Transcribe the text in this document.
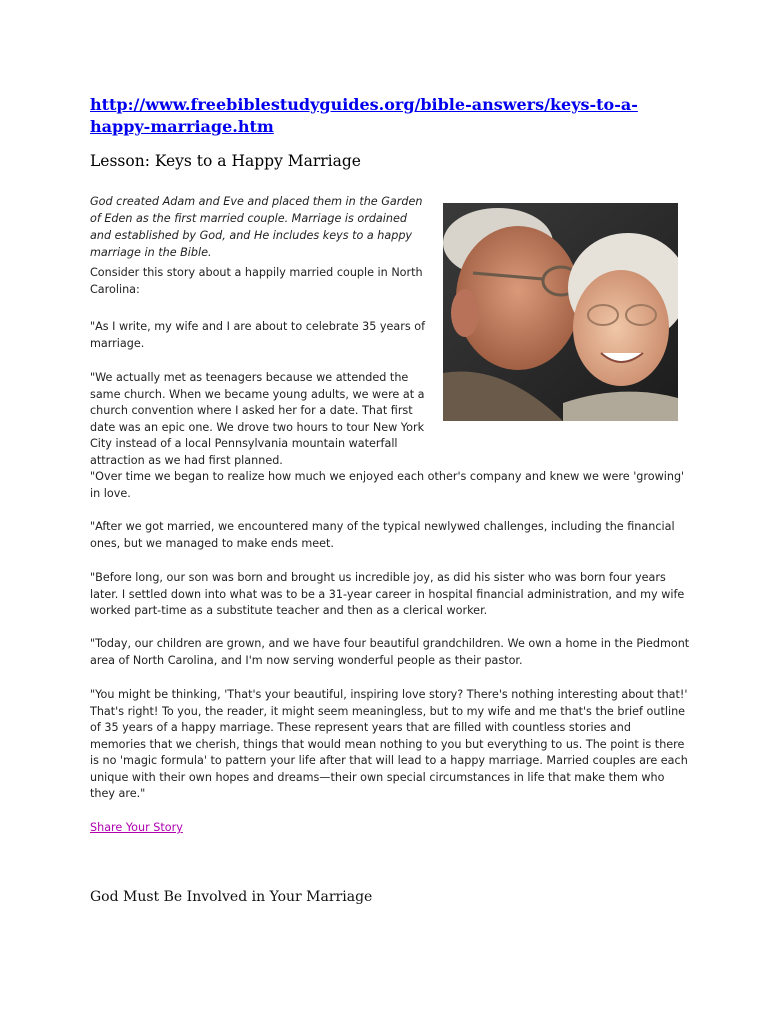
http://www.freebiblestudyguides.org/bible-answers/keys-to-a-happy-marriage.htm
Lesson: Keys to a Happy Marriage

God created Adam and Eve and placed them in the Garden of Eden as the first married couple. Marriage is ordained and established by God, and He includes keys to a happy marriage in the Bible.

Consider this story about a happily married couple in North Carolina:

"As I write, my wife and I are about to celebrate 35 years of marriage.

"We actually met as teenagers because we attended the same church. When we became young adults, we were at a church convention where I asked her for a date. That first date was an epic one. We drove two hours to tour New York City instead of a local Pennsylvania mountain waterfall attraction as we had first planned.

"Over time we began to realize how much we enjoyed each other's company and knew we were 'growing' in love.

"After we got married, we encountered many of the typical newlywed challenges, including the financial ones, but we managed to make ends meet.

"Before long, our son was born and brought us incredible joy, as did his sister who was born four years later. I settled down into what was to be a 31-year career in hospital financial administration, and my wife worked part-time as a substitute teacher and then as a clerical worker.

"Today, our children are grown, and we have four beautiful grandchildren. We own a home in the Piedmont area of North Carolina, and I'm now serving wonderful people as their pastor.

"You might be thinking, 'That's your beautiful, inspiring love story? There's nothing interesting about that!' That's right! To you, the reader, it might seem meaningless, but to my wife and me that's the brief outline of 35 years of a happy marriage. These represent years that are filled with countless stories and memories that we cherish, things that would mean nothing to you but everything to us. The point is there is no 'magic formula' to pattern your life after that will lead to a happy marriage. Married couples are each unique with their own hopes and dreams—their own special circumstances in life that make them who they are."

Share Your Story
God Must Be Involved in Your Marriage
